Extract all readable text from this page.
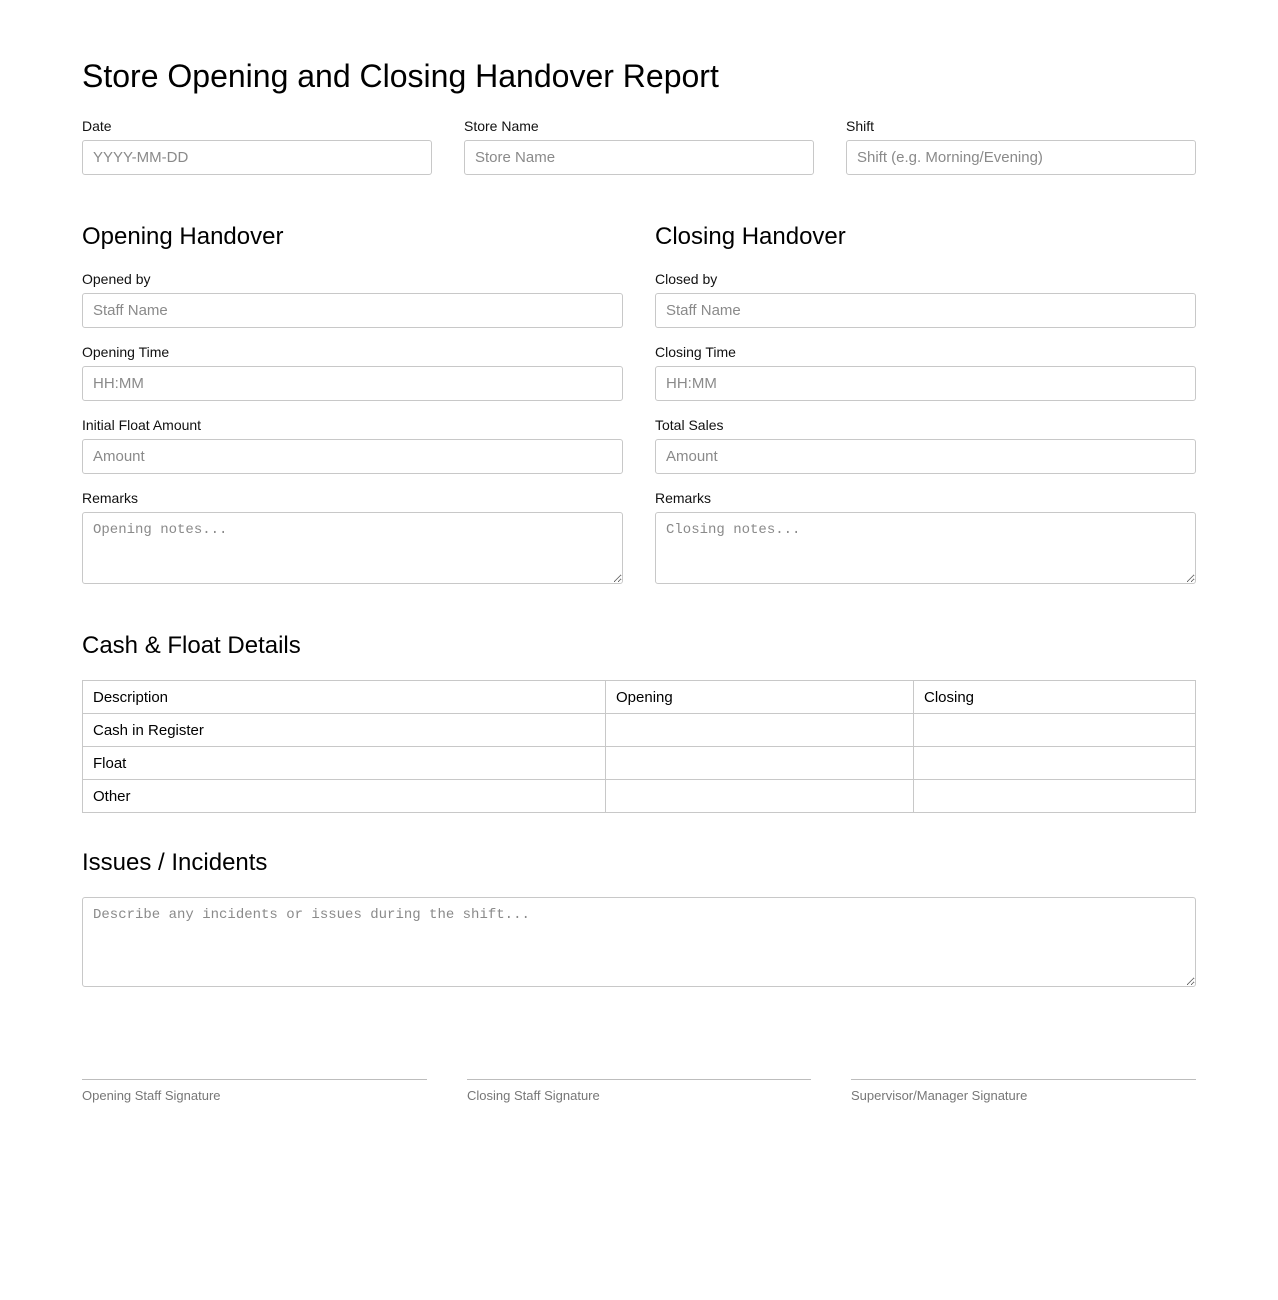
Store Opening and Closing Handover Report
Date
YYYY-MM-DD	Store Name
Store Name	Shift
Shift (e.g. Morning/Evening)
Opening Handover
Opened by
Staff Name
Opening Time
HH:MM
Initial Float Amount
Amount
Remarks
Opening notes...
Closing Handover
Closed by
Staff Name
Closing Time
HH:MM
Total Sales
Amount
Remarks
Closing notes...
Cash & Float Details
Description	Opening	Closing
Cash in Register		
Float		
Other		
Issues / Incidents
Describe any incidents or issues during the shift...
Opening Staff Signature	Closing Staff Signature	Supervisor/Manager Signature
